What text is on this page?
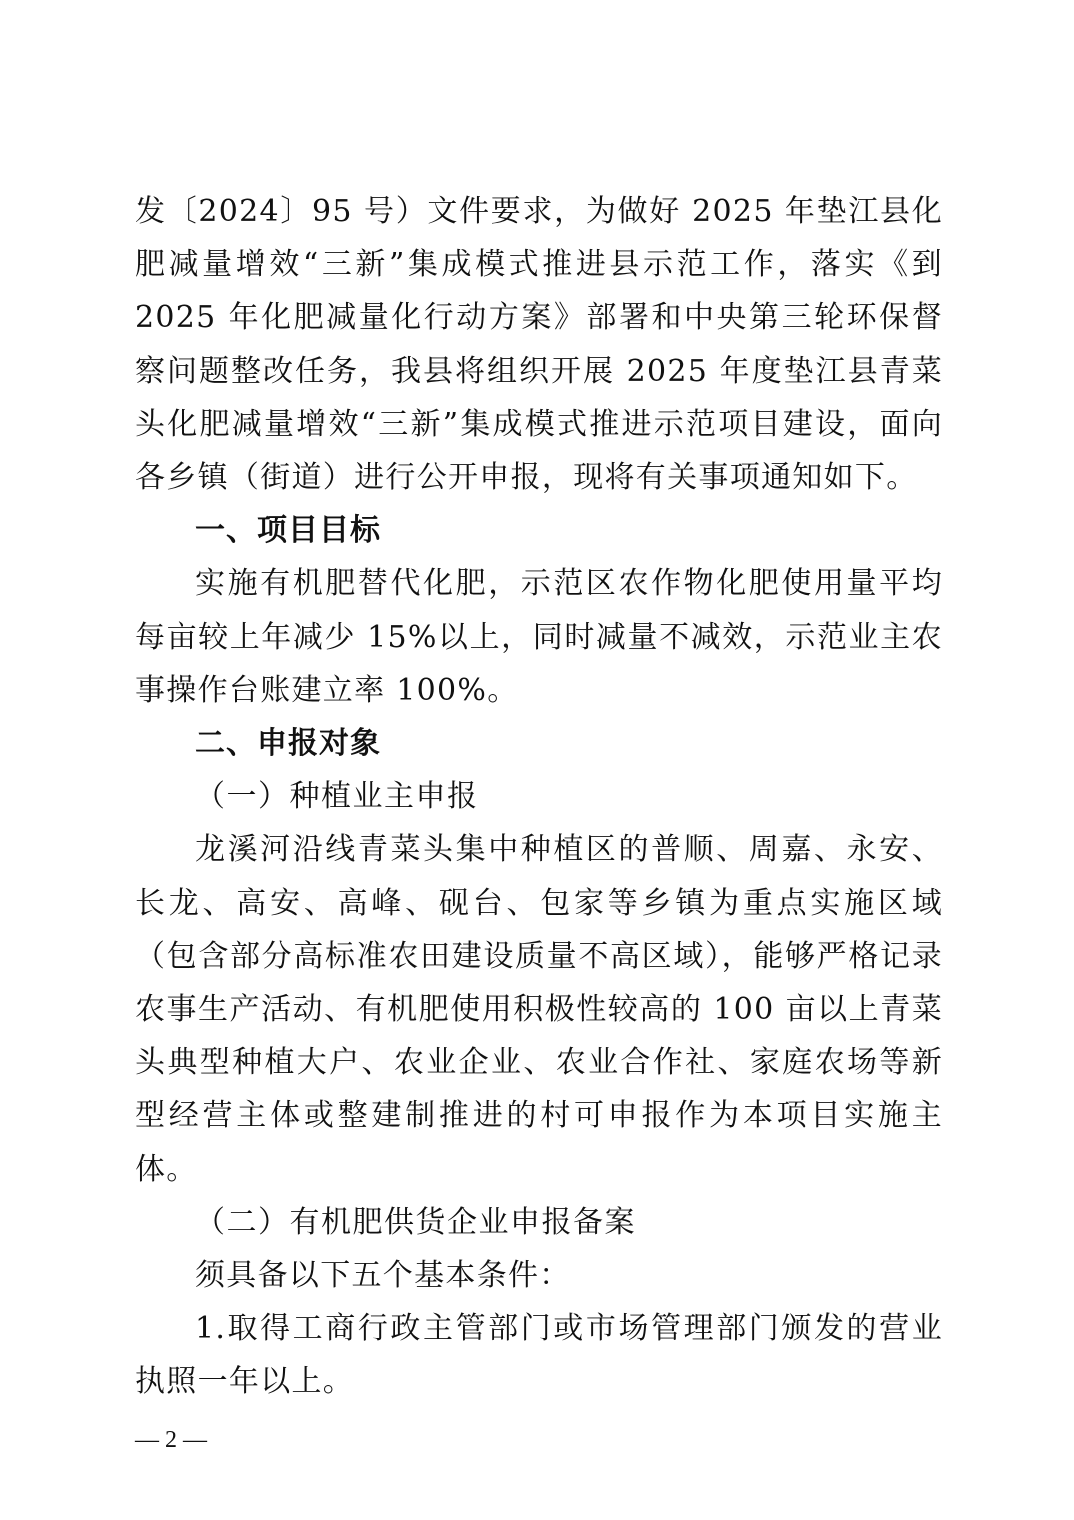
发〔2024〕95 号）文件要求，为做好 2025 年垫江县化肥减量增效“三新”集成模式推进县示范工作，落实《到 2025 年化肥减量化行动方案》部署和中央第三轮环保督察问题整改任务，我县将组织开展 2025 年度垫江县青菜头化肥减量增效“三新”集成模式推进示范项目建设，面向各乡镇（街道）进行公开申报，现将有关事项通知如下。

一、项目目标

实施有机肥替代化肥，示范区农作物化肥使用量平均每亩较上年减少 15%以上，同时减量不减效，示范业主农事操作台账建立率 100%。

二、申报对象

（一）种植业主申报

龙溪河沿线青菜头集中种植区的普顺、周嘉、永安、长龙、高安、高峰、砚台、包家等乡镇为重点实施区域（包含部分高标准农田建设质量不高区域），能够严格记录农事生产活动、有机肥使用积极性较高的 100 亩以上青菜头典型种植大户、农业企业、农业合作社、家庭农场等新型经营主体或整建制推进的村可申报作为本项目实施主体。

（二）有机肥供货企业申报备案

须具备以下五个基本条件：

1.取得工商行政主管部门或市场管理部门颁发的营业执照一年以上。

— 2 —
